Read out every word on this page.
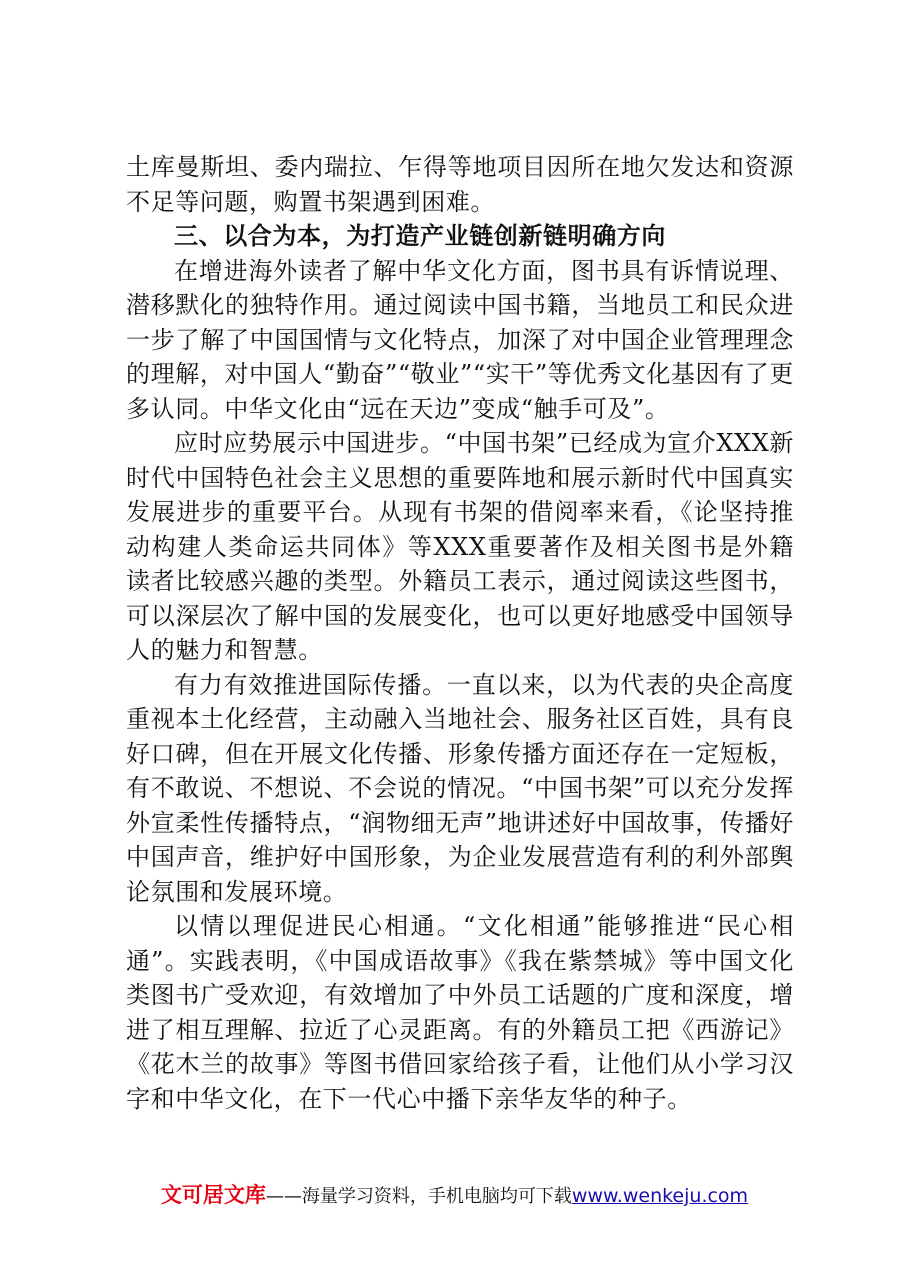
土库曼斯坦、委内瑞拉、乍得等地项目因所在地欠发达和资源不足等问题，购置书架遇到困难。

三、以合为本，为打造产业链创新链明确方向

在增进海外读者了解中华文化方面，图书具有诉情说理、潜移默化的独特作用。通过阅读中国书籍，当地员工和民众进一步了解了中国国情与文化特点，加深了对中国企业管理理念的理解，对中国人“勤奋”“敬业”“实干”等优秀文化基因有了更多认同。中华文化由“远在天边”变成“触手可及”。

应时应势展示中国进步。“中国书架”已经成为宣介XXX新时代中国特色社会主义思想的重要阵地和展示新时代中国真实发展进步的重要平台。从现有书架的借阅率来看，《论坚持推动构建人类命运共同体》等XXX重要著作及相关图书是外籍读者比较感兴趣的类型。外籍员工表示，通过阅读这些图书，可以深层次了解中国的发展变化，也可以更好地感受中国领导人的魅力和智慧。

有力有效推进国际传播。一直以来，以为代表的央企高度重视本土化经营，主动融入当地社会、服务社区百姓，具有良好口碑，但在开展文化传播、形象传播方面还存在一定短板，有不敢说、不想说、不会说的情况。“中国书架”可以充分发挥外宣柔性传播特点，“润物细无声”地讲述好中国故事，传播好中国声音，维护好中国形象，为企业发展营造有利的利外部舆论氛围和发展环境。

以情以理促进民心相通。“文化相通”能够推进“民心相通”。实践表明，《中国成语故事》《我在紫禁城》等中国文化类图书广受欢迎，有效增加了中外员工话题的广度和深度，增进了相互理解、拉近了心灵距离。有的外籍员工把《西游记》《花木兰的故事》等图书借回家给孩子看，让他们从小学习汉字和中华文化，在下一代心中播下亲华友华的种子。

文可居文库——海量学习资料，手机电脑均可下载www.wenkeju.com
